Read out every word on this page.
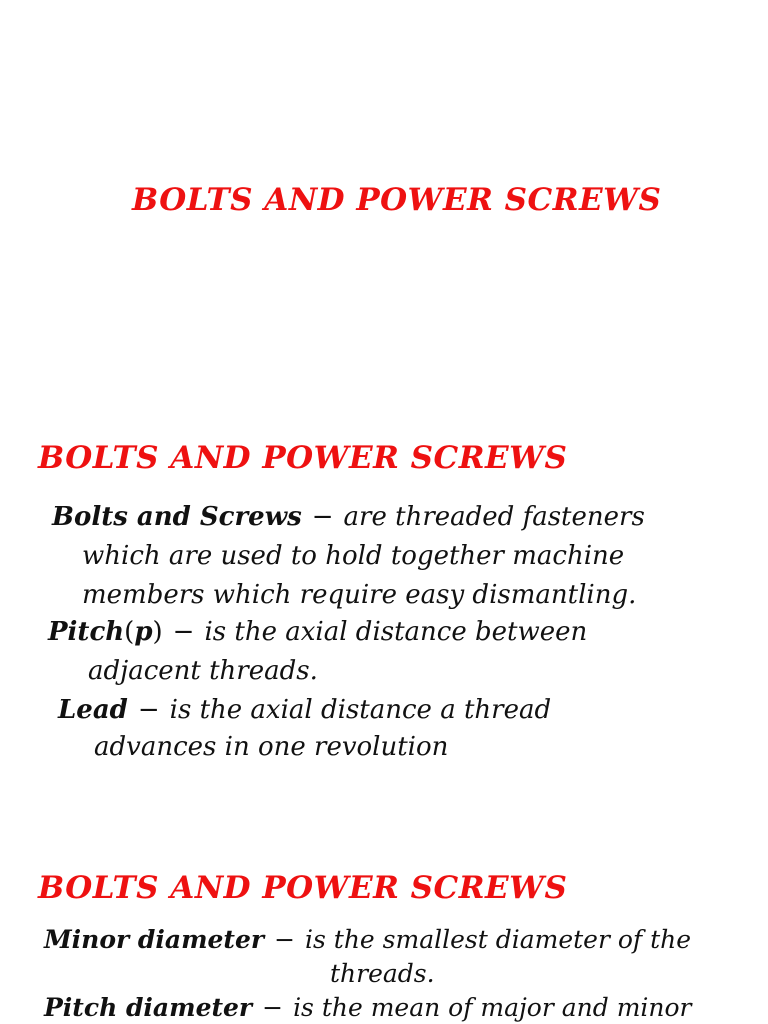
BOLTS AND POWER SCREWS
BOLTS AND POWER SCREWS

Bolts and Screws − are threaded fasteners

which are used to hold together machine

members which require easy dismantling.

Pitch(p) − is the axial distance between

adjacent threads.

Lead − is the axial distance a thread

advances in one revolution

BOLTS AND POWER SCREWS

Minor diameter − is the smallest diameter of the

threads.

Pitch diameter − is the mean of major and minor
